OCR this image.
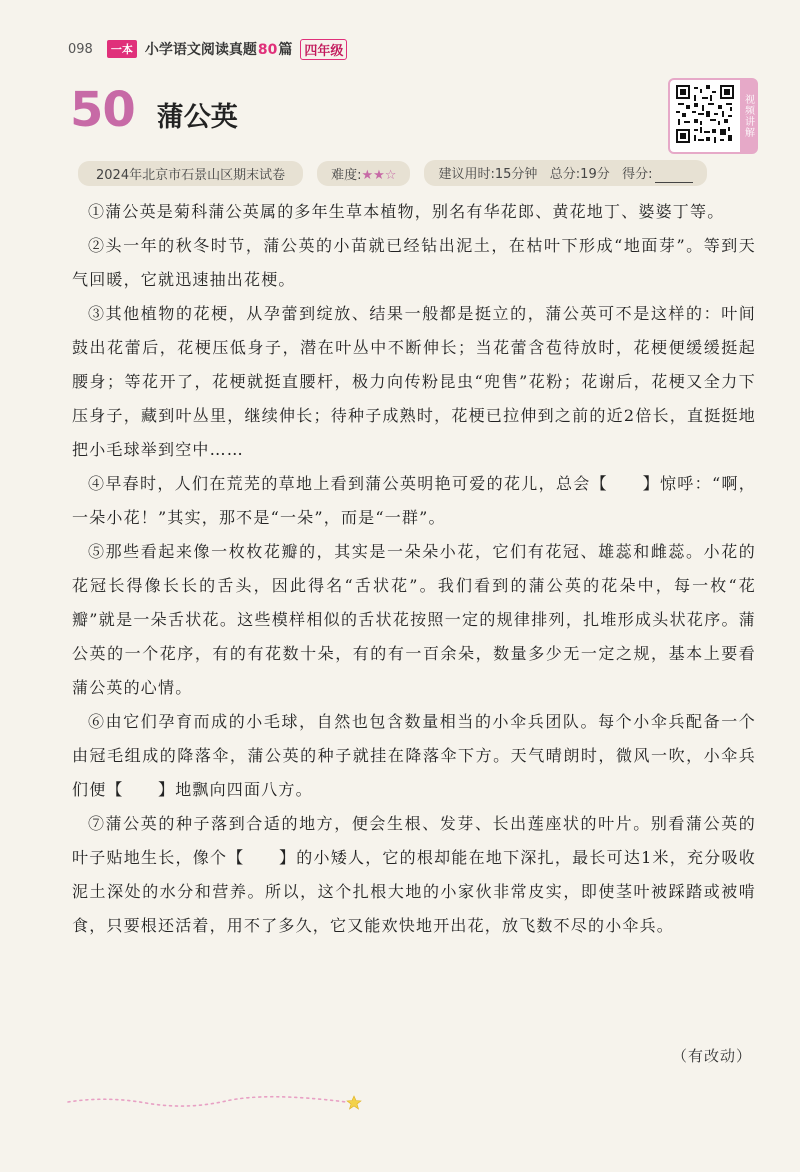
098	一本 小学语文阅读真题80篇 四年级
50 蒲公英	视频讲解
2024年北京市石景山区期末试卷	难度:★★☆	建议用时:15分钟 总分:19分 得分:

①蒲公英是菊科蒲公英属的多年生草本植物，别名有华花郎、黄花地丁、婆婆丁等。

②头一年的秋冬时节，蒲公英的小苗就已经钻出泥土，在枯叶下形成“地面芽”。等到天气回暖，它就迅速抽出花梗。

③其他植物的花梗，从孕蕾到绽放、结果一般都是挺立的，蒲公英可不是这样的：叶间鼓出花蕾后，花梗压低身子，潜在叶丛中不断伸长；当花蕾含苞待放时，花梗便缓缓挺起腰身；等花开了，花梗就挺直腰杆，极力向传粉昆虫“兜售”花粉；花谢后，花梗又全力下压身子，藏到叶丛里，继续伸长；待种子成熟时，花梗已拉伸到之前的近2倍长，直挺挺地把小毛球举到空中……

④早春时，人们在荒芜的草地上看到蒲公英明艳可爱的花儿，总会【　　】惊呼：“啊，一朵小花！”其实，那不是“一朵”，而是“一群”。

⑤那些看起来像一枚枚花瓣的，其实是一朵朵小花，它们有花冠、雄蕊和雌蕊。小花的花冠长得像长长的舌头，因此得名“舌状花”。我们看到的蒲公英的花朵中，每一枚“花瓣”就是一朵舌状花。这些模样相似的舌状花按照一定的规律排列，扎堆形成头状花序。蒲公英的一个花序，有的有花数十朵，有的有一百余朵，数量多少无一定之规，基本上要看蒲公英的心情。

⑥由它们孕育而成的小毛球，自然也包含数量相当的小伞兵团队。每个小伞兵配备一个由冠毛组成的降落伞，蒲公英的种子就挂在降落伞下方。天气晴朗时，微风一吹，小伞兵们便【　　】地飘向四面八方。

⑦蒲公英的种子落到合适的地方，便会生根、发芽、长出莲座状的叶片。别看蒲公英的叶子贴地生长，像个【　　】的小矮人，它的根却能在地下深扎，最长可达1米，充分吸收泥土深处的水分和营养。所以，这个扎根大地的小家伙非常皮实，即使茎叶被踩踏或被啃食，只要根还活着，用不了多久，它又能欢快地开出花，放飞数不尽的小伞兵。

（有改动）
